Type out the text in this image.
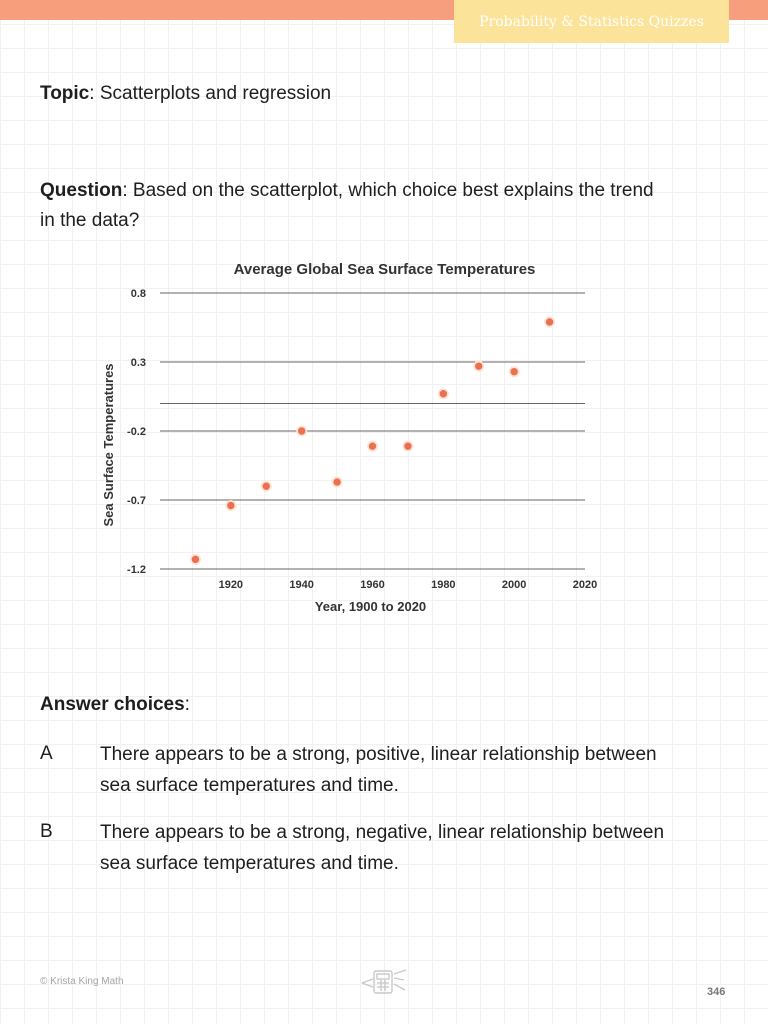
Probability & Statistics Quizzes
Topic: Scatterplots and regression
Question: Based on the scatterplot, which choice best explains the trend
in the data?
Average Global Sea Surface Temperatures
-1.2
-0.7
-0.2
0.3
0.8
1920	1940	1960	1980	2000	2020
Year, 1900 to 2020
Sea Surface Temperatures
Answer choices:
A There appears to be a strong, positive, linear relationship between
sea surface temperatures and time.
B There appears to be a strong, negative, linear relationship between
sea surface temperatures and time.
© Krista King Math
346
